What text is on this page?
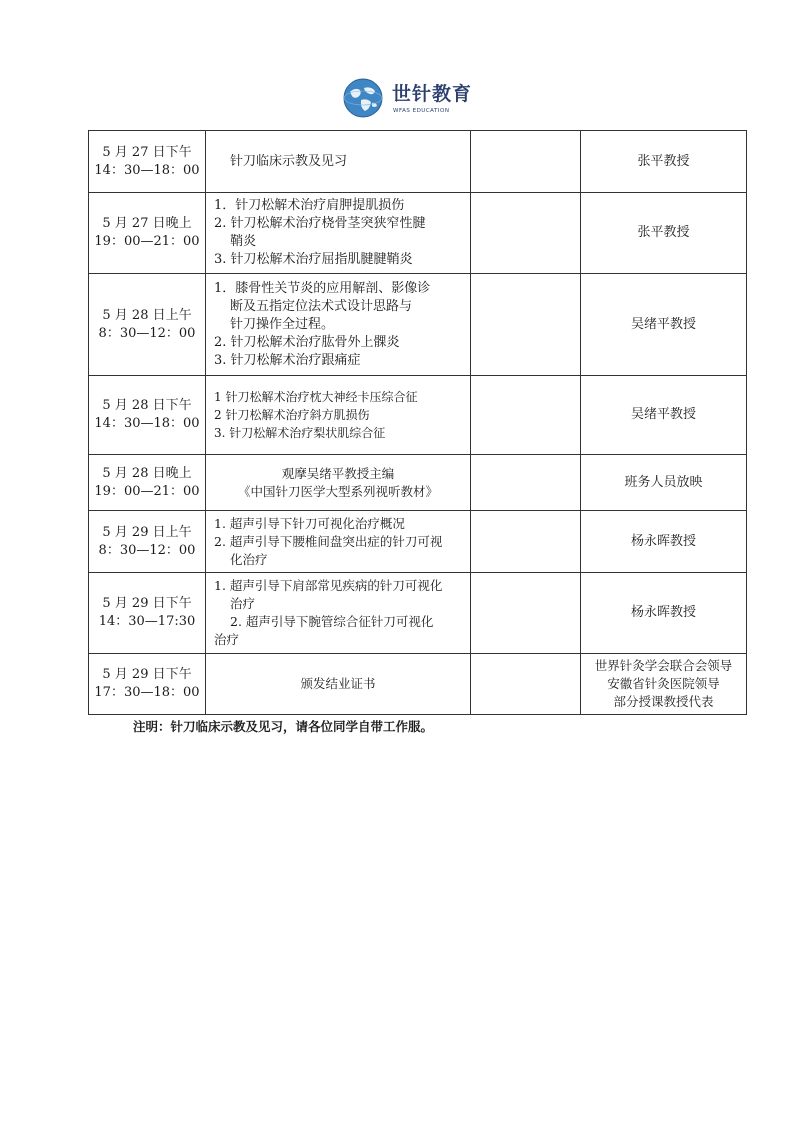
世针教育
WFAS EDUCATION
5 月 27 日下午
14：30—18：00	针刀临床示教及见习		张平教授

5 月 27 日晚上
19：00—21：00	1．针刀松解术治疗肩胛提肌损伤
2. 针刀松解术治疗桡骨茎突狭窄性腱
鞘炎
3. 针刀松解术治疗屈指肌腱腱鞘炎		张平教授

5 月 28 日上午
8：30—12：00	1．膝骨性关节炎的应用解剖、影像诊
断及五指定位法术式设计思路与
针刀操作全过程。
2. 针刀松解术治疗肱骨外上髁炎
3. 针刀松解术治疗跟痛症		吴绪平教授

5 月 28 日下午
14：30—18：00	1 针刀松解术治疗枕大神经卡压综合征
2 针刀松解术治疗斜方肌损伤
3. 针刀松解术治疗梨状肌综合征		吴绪平教授

5 月 28 日晚上
19：00—21：00	观摩吴绪平教授主编
《中国针刀医学大型系列视听教材》		班务人员放映

5 月 29 日上午
8：30—12：00	1. 超声引导下针刀可视化治疗概况
2. 超声引导下腰椎间盘突出症的针刀可视
化治疗		杨永晖教授

5 月 29 日下午
14：30—17:30	1. 超声引导下肩部常见疾病的针刀可视化
治疗
2. 超声引导下腕管综合征针刀可视化
治疗		杨永晖教授

5 月 29 日下午
17：30—18：00	颁发结业证书		世界针灸学会联合会领导
安徽省针灸医院领导
部分授课教授代表
注明：针刀临床示教及见习，请各位同学自带工作服。
